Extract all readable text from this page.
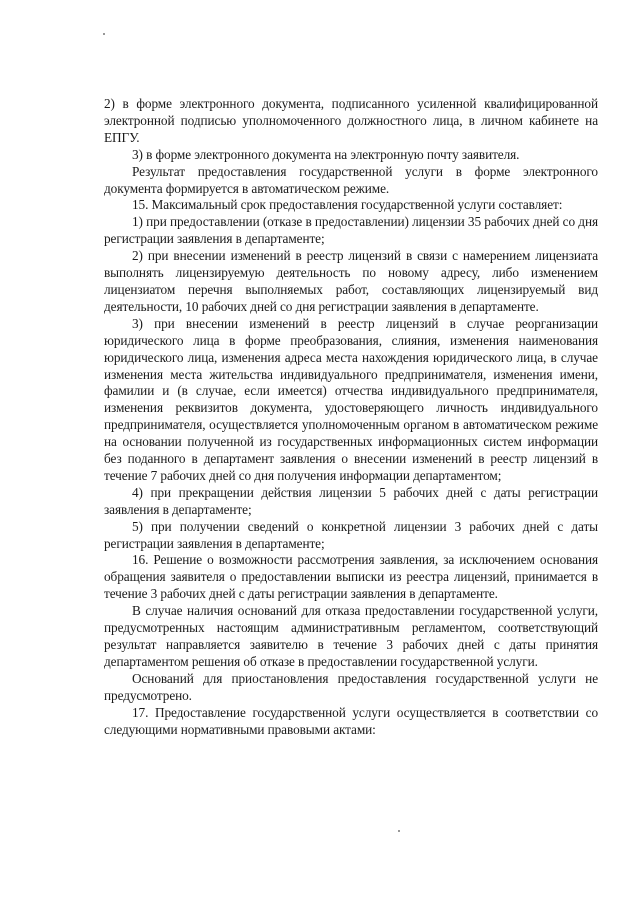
2) в форме электронного документа, подписанного усиленной квалифицированной электронной подписью уполномоченного должностного лица, в личном кабинете на ЕПГУ.

3) в форме электронного документа на электронную почту заявителя.

Результат предоставления государственной услуги в форме электронного документа формируется в автоматическом режиме.

15. Максимальный срок предоставления государственной услуги составляет:

1) при предоставлении (отказе в предоставлении) лицензии 35 рабочих дней со дня регистрации заявления в департаменте;

2) при внесении изменений в реестр лицензий в связи с намерением лицензиата выполнять лицензируемую деятельность по новому адресу, либо изменением лицензиатом перечня выполняемых работ, составляющих лицензируемый вид деятельности, 10 рабочих дней со дня регистрации заявления в департаменте.

3) при внесении изменений в реестр лицензий в случае реорганизации юридического лица в форме преобразования, слияния, изменения наименования юридического лица, изменения адреса места нахождения юридического лица, в случае изменения места жительства индивидуального предпринимателя, изменения имени, фамилии и (в случае, если имеется) отчества индивидуального предпринимателя, изменения реквизитов документа, удостоверяющего личность индивидуального предпринимателя, осуществляется уполномоченным органом в автоматическом режиме на основании полученной из государственных информационных систем информации без поданного в департамент заявления о внесении изменений в реестр лицензий в течение 7 рабочих дней со дня получения информации департаментом;

4) при прекращении действия лицензии 5 рабочих дней с даты регистрации заявления в департаменте;

5) при получении сведений о конкретной лицензии 3 рабочих дней с даты регистрации заявления в департаменте;

16. Решение о возможности рассмотрения заявления, за исключением основания обращения заявителя о предоставлении выписки из реестра лицензий, принимается в течение 3 рабочих дней с даты регистрации заявления в департаменте.

В случае наличия оснований для отказа предоставлении государственной услуги, предусмотренных настоящим административным регламентом, соответствующий результат направляется заявителю в течение 3 рабочих дней с даты принятия департаментом решения об отказе в предоставлении государственной услуги.

Оснований для приостановления предоставления государственной услуги не предусмотрено.

17. Предоставление государственной услуги осуществляется в соответствии со следующими нормативными правовыми актами:
